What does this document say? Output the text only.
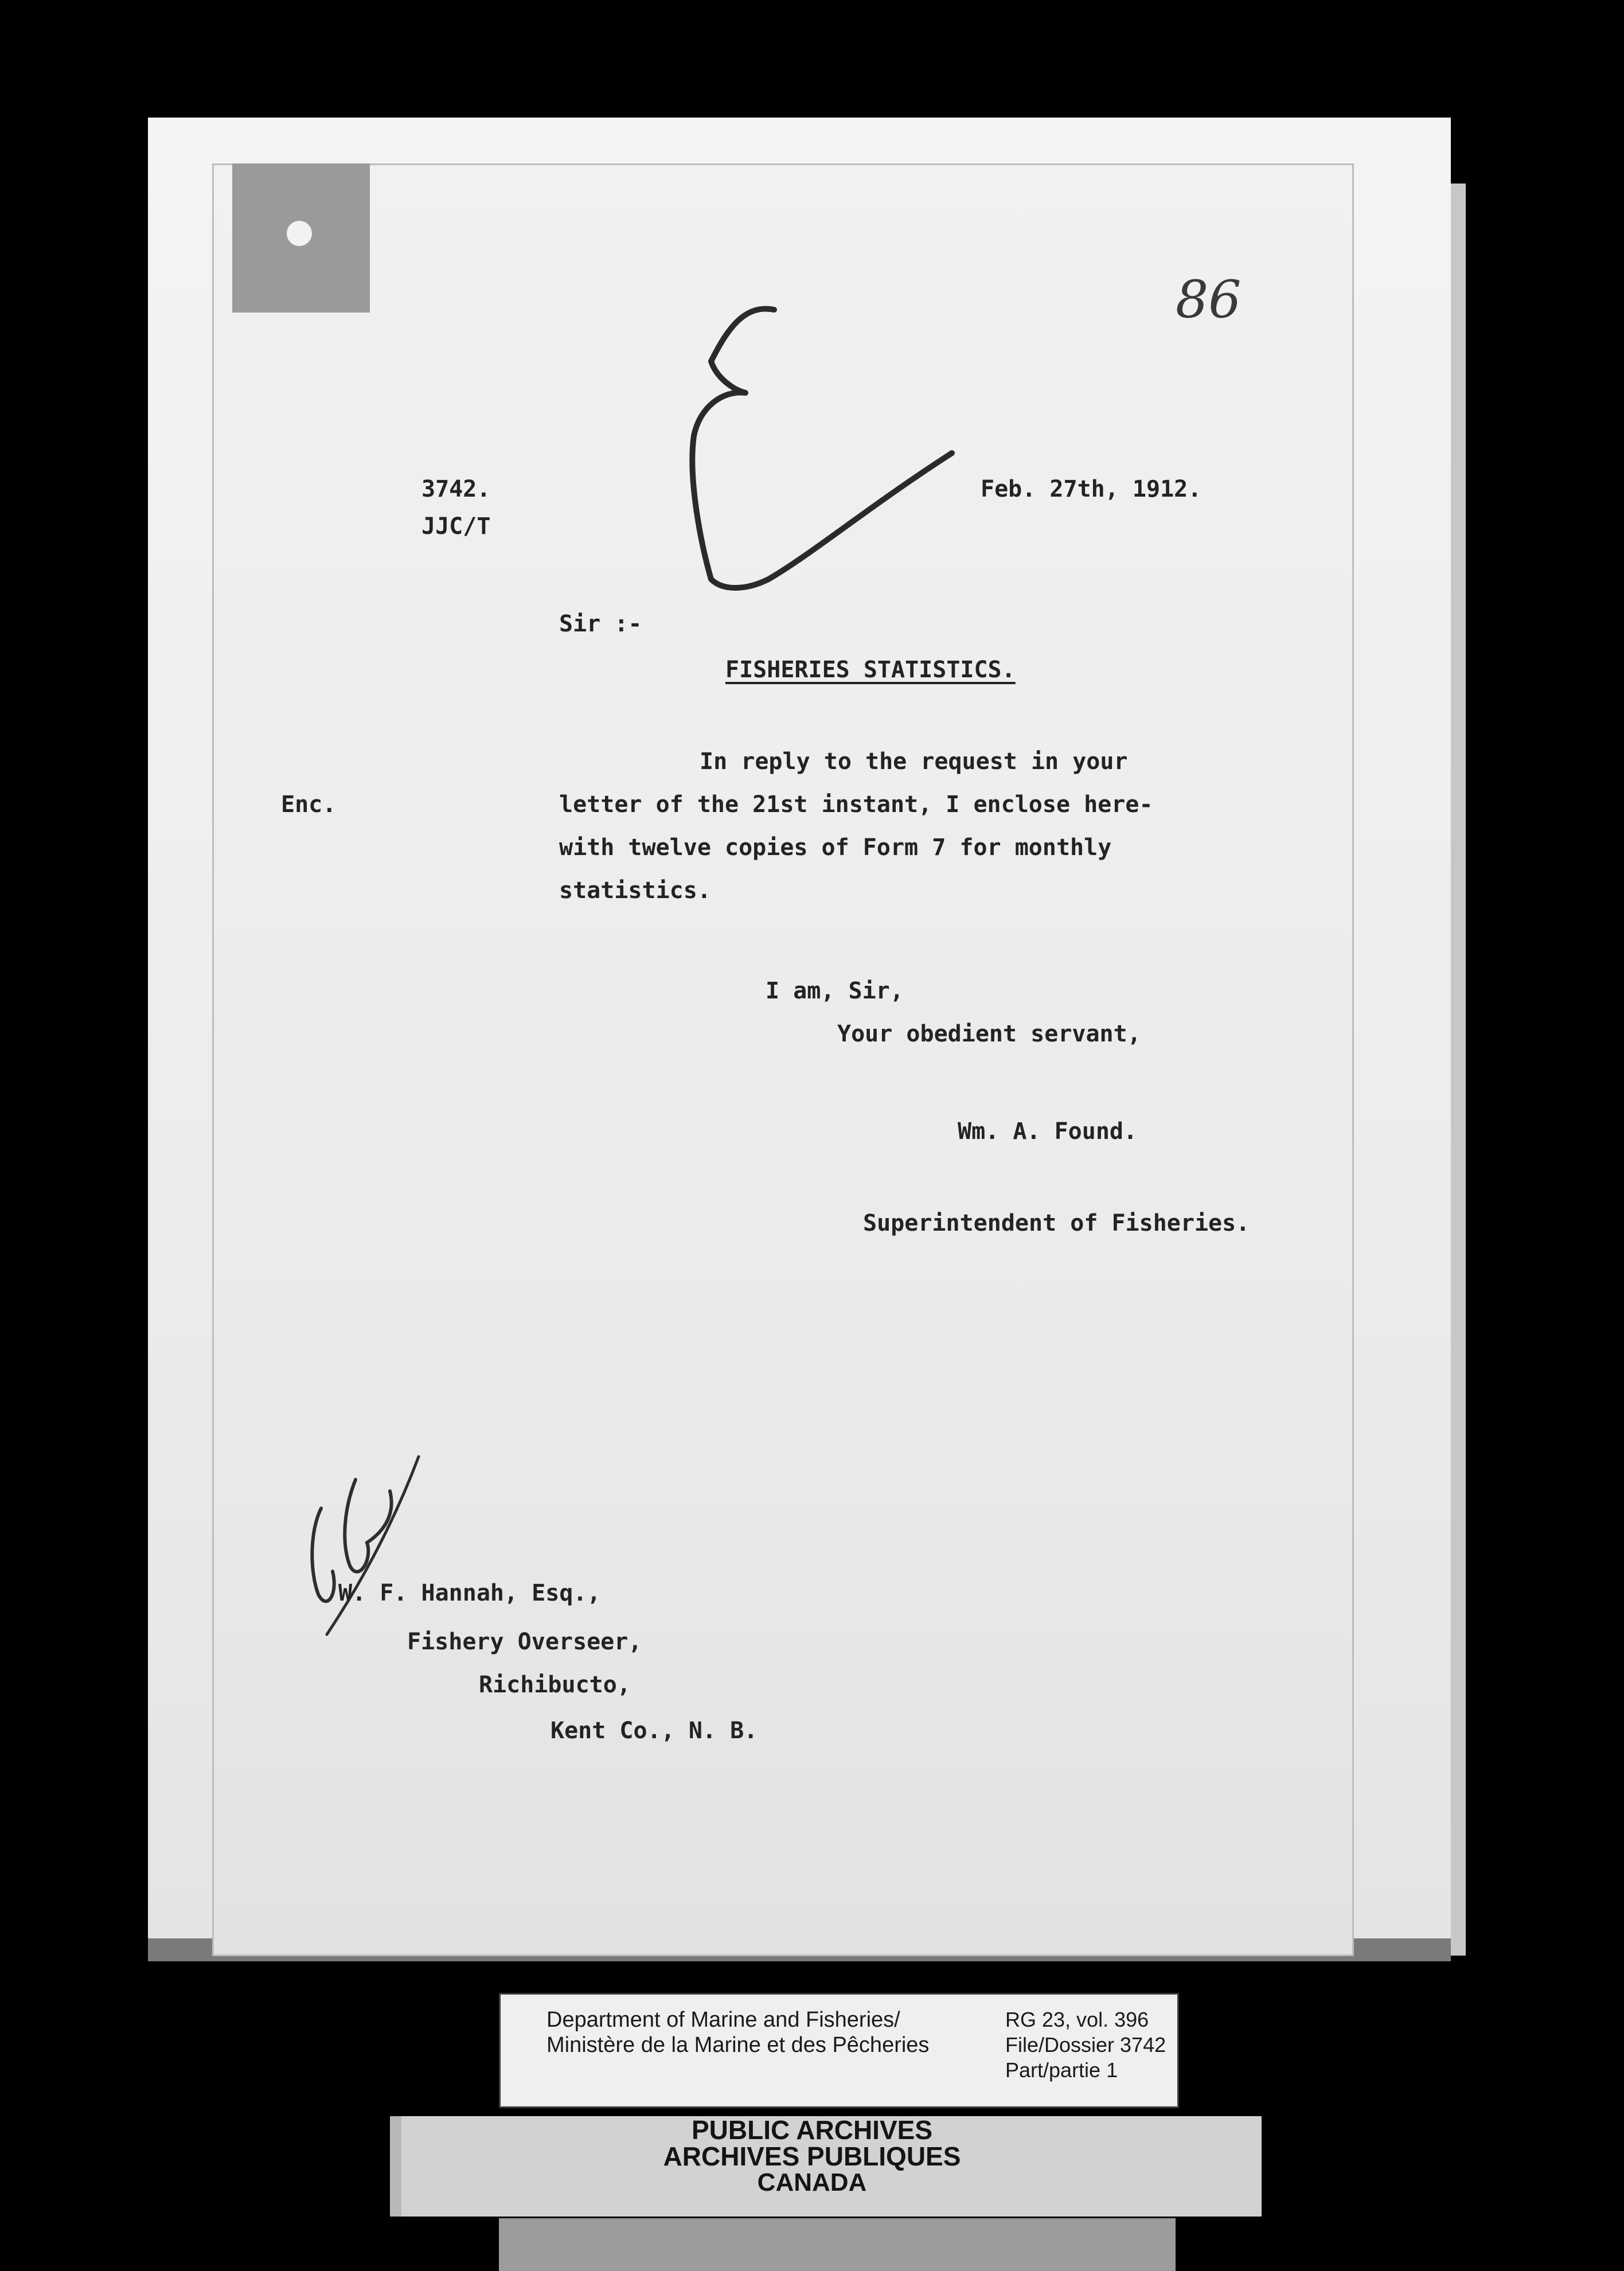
86
3742.
JJC/T
Feb. 27th, 1912.
Sir :-
FISHERIES STATISTICS.
Enc.
In reply to the request in your
letter of the 21st instant, I enclose here-
with twelve copies of Form 7 for monthly
statistics.
I am, Sir,
Your obedient servant,
Wm. A. Found.
Superintendent of Fisheries.
W. F. Hannah, Esq.,
Fishery Overseer,
Richibucto,
Kent Co., N. B.
Department of Marine and Fisheries/
Ministère de la Marine et des Pêcheries
RG 23, vol. 396
File/Dossier 3742
Part/partie 1
PUBLIC ARCHIVES
ARCHIVES PUBLIQUES
CANADA
